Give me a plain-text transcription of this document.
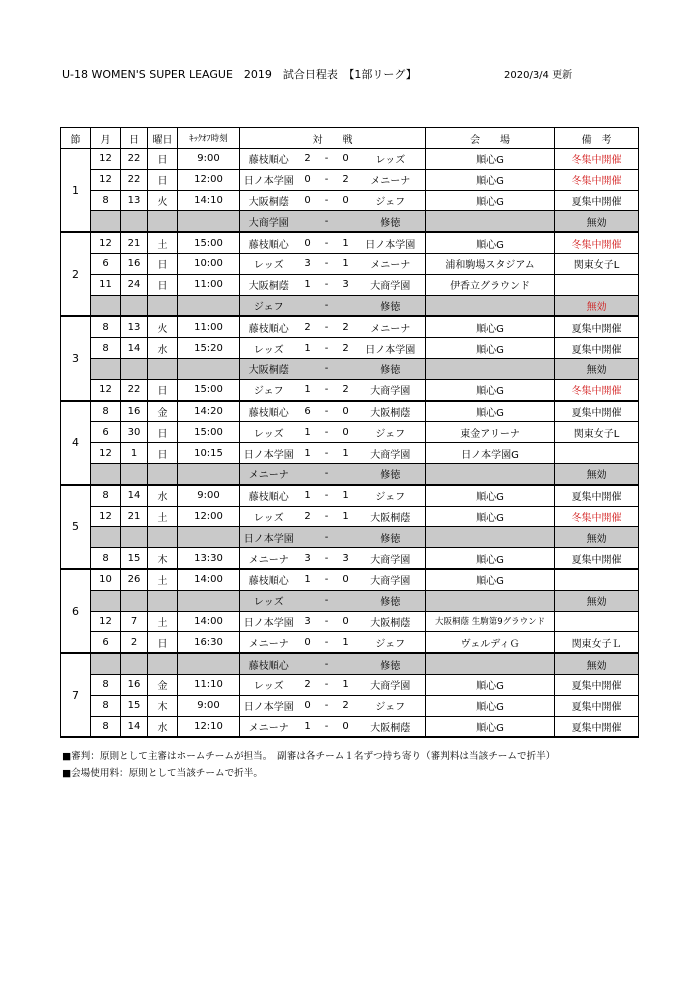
U-18 WOMEN'S SUPER LEAGUE　2019　試合日程表　【1部リーグ】	2020/3/4 更新
節	月	日	曜日	ｷｯｸｵﾌ時刻	対　　戦					会　　場	備　考
1	12	22	日	9:00	藤枝順心	2	-	0	レッズ	順心G	冬集中開催
	12	22	日	12:00	日ノ本学園	0	-	2	メニーナ	順心G	冬集中開催
	8	13	火	14:10	大阪桐蔭	0	-	0	ジェフ	順心G	夏集中開催
					大商学園		-		修徳		無効
2	12	21	土	15:00	藤枝順心	0	-	1	日ノ本学園	順心G	冬集中開催
	6	16	日	10:00	レッズ	3	-	1	メニーナ	浦和駒場スタジアム	関東女子L
	11	24	日	11:00	大阪桐蔭	1	-	3	大商学園	伊香立グラウンド	
					ジェフ		-		修徳		無効
3	8	13	火	11:00	藤枝順心	2	-	2	メニーナ	順心G	夏集中開催
	8	14	水	15:20	レッズ	1	-	2	日ノ本学園	順心G	夏集中開催
					大阪桐蔭		-		修徳		無効
	12	22	日	15:00	ジェフ	1	-	2	大商学園	順心G	冬集中開催
4	8	16	金	14:20	藤枝順心	6	-	0	大阪桐蔭	順心G	夏集中開催
	6	30	日	15:00	レッズ	1	-	0	ジェフ	東金アリーナ	関東女子L
	12	1	日	10:15	日ノ本学園	1	-	1	大商学園	日ノ本学園G	
					メニーナ		-		修徳		無効
5	8	14	水	9:00	藤枝順心	1	-	1	ジェフ	順心G	夏集中開催
	12	21	土	12:00	レッズ	2	-	1	大阪桐蔭	順心G	冬集中開催
					日ノ本学園		-		修徳		無効
	8	15	木	13:30	メニーナ	3	-	3	大商学園	順心G	夏集中開催
6	10	26	土	14:00	藤枝順心	1	-	0	大商学園	順心G	
					レッズ		-		修徳		無効
	12	7	土	14:00	日ノ本学園	3	-	0	大阪桐蔭	大阪桐蔭 生駒第9グラウンド	
	6	2	日	16:30	メニーナ	0	-	1	ジェフ	ヴェルディＧ	関東女子Ｌ
7					藤枝順心		-		修徳		無効
	8	16	金	11:10	レッズ	2	-	1	大商学園	順心G	夏集中開催
	8	15	木	9:00	日ノ本学園	0	-	2	ジェフ	順心G	夏集中開催
	8	14	水	12:10	メニーナ	1	-	0	大阪桐蔭	順心G	夏集中開催
■審判：原則として主審はホームチームが担当。　副審は各チーム１名ずつ持ち寄り（審判料は当該チームで折半）
■会場使用料：原則として当該チームで折半。
